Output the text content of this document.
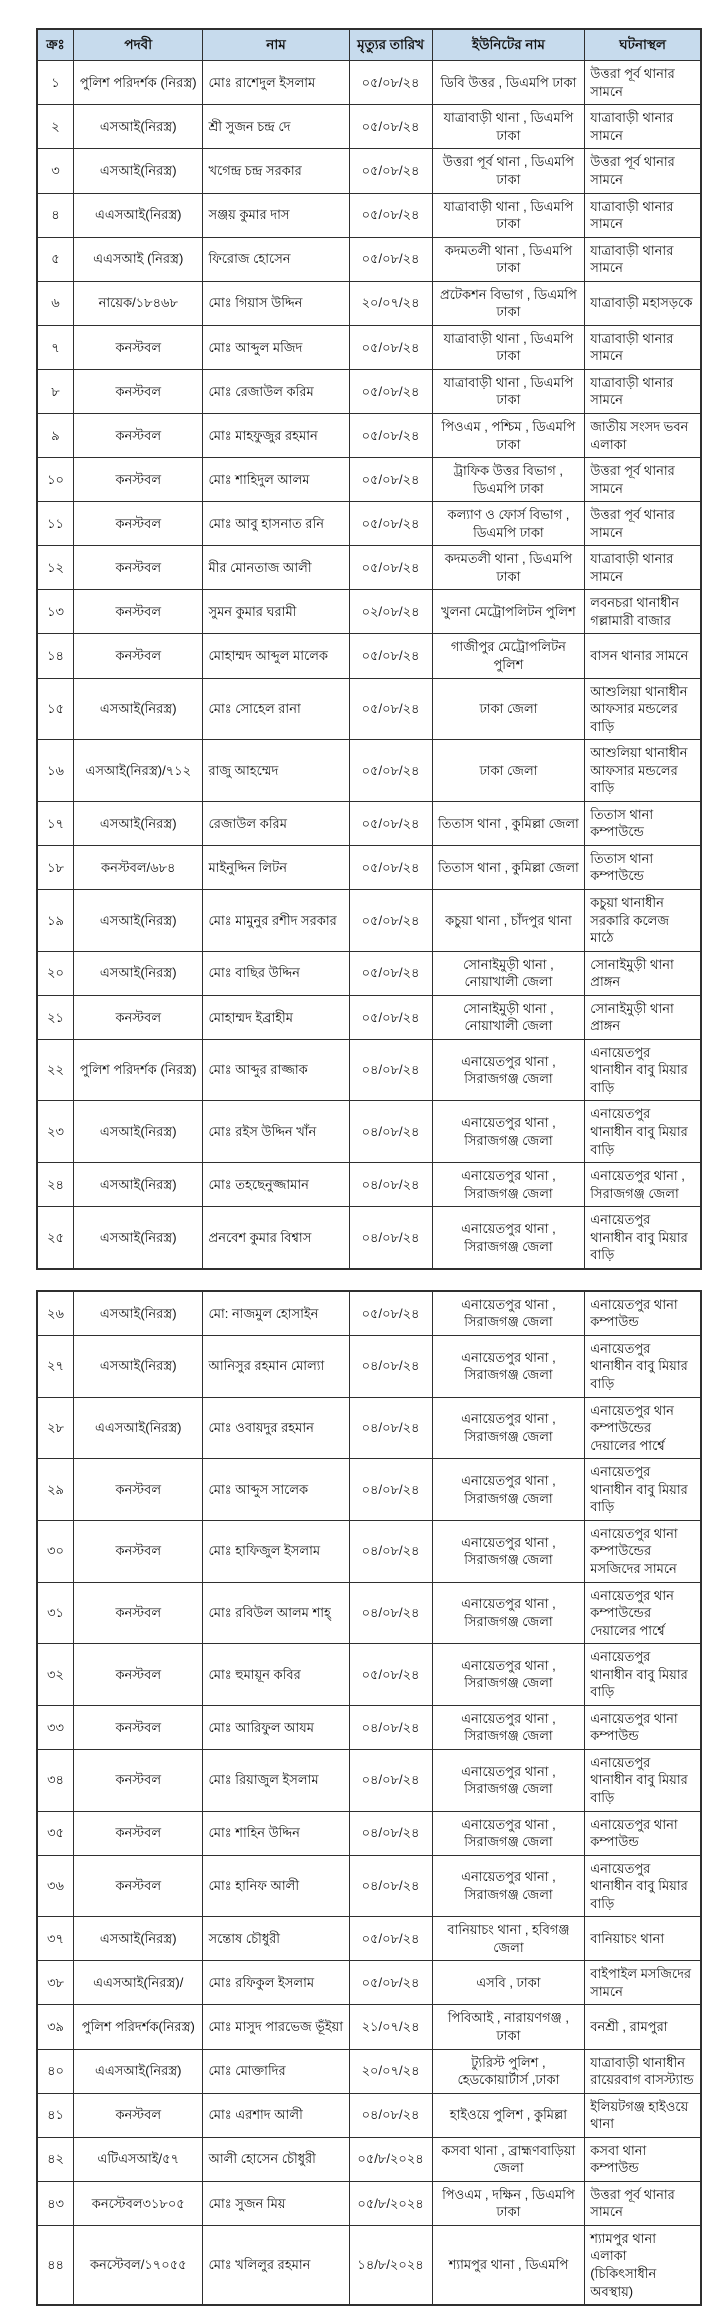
ক্রঃ	পদবী	নাম	মৃত্যুর তারিখ	ইউনিটের নাম	ঘটনাস্থল
১	পুলিশ পরিদর্শক (নিরস্ত্র)	মোঃ রাশেদুল ইসলাম	০৫/০৮/২৪	ডিবি উত্তর , ডিএমপি ঢাকা	উত্তরা পূর্ব থানার সামনে
২	এসআই(নিরস্ত্র)	শ্রী সুজন চন্দ্র দে	০৫/০৮/২৪	যাত্রাবাড়ী থানা , ডিএমপি ঢাকা	যাত্রাবাড়ী থানার সামনে
৩	এসআই(নিরস্ত্র)	খগেন্দ্র চন্দ্র সরকার	০৫/০৮/২৪	উত্তরা পূর্ব থানা , ডিএমপি ঢাকা	উত্তরা পূর্ব থানার সামনে
৪	এএসআই(নিরস্ত্র)	সঞ্জয় কুমার দাস	০৫/০৮/২৪	যাত্রাবাড়ী থানা , ডিএমপি ঢাকা	যাত্রাবাড়ী থানার সামনে
৫	এএসআই (নিরস্ত্র)	ফিরোজ হোসেন	০৫/০৮/২৪	কদমতলী থানা , ডিএমপি ঢাকা	যাত্রাবাড়ী থানার সামনে
৬	নায়েক/১৮৪৬৮	মোঃ গিয়াস উদ্দিন	২০/০৭/২৪	প্রটেকশন বিভাগ , ডিএমপি ঢাকা	যাত্রাবাড়ী মহাসড়কে
৭	কনস্টবল	মোঃ আব্দুল মজিদ	০৫/০৮/২৪	যাত্রাবাড়ী থানা , ডিএমপি ঢাকা	যাত্রাবাড়ী থানার সামনে
৮	কনস্টবল	মোঃ রেজাউল করিম	০৫/০৮/২৪	যাত্রাবাড়ী থানা , ডিএমপি ঢাকা	যাত্রাবাড়ী থানার সামনে
৯	কনস্টবল	মোঃ মাহফুজুর রহমান	০৫/০৮/২৪	পিওএম , পশ্চিম , ডিএমপি ঢাকা	জাতীয় সংসদ ভবন এলাকা
১০	কনস্টবল	মোঃ শাহিদুল আলম	০৫/০৮/২৪	ট্রাফিক উত্তর বিভাগ , ডিএমপি ঢাকা	উত্তরা পূর্ব থানার সামনে
১১	কনস্টবল	মোঃ আবু হাসনাত রনি	০৫/০৮/২৪	কল্যাণ ও ফোর্স বিভাগ , ডিএমপি ঢাকা	উত্তরা পূর্ব থানার সামনে
১২	কনস্টবল	মীর মোনতাজ আলী	০৫/০৮/২৪	কদমতলী থানা , ডিএমপি ঢাকা	যাত্রাবাড়ী থানার সামনে
১৩	কনস্টবল	সুমন কুমার ঘরামী	০২/০৮/২৪	খুলনা মেট্রোপলিটন পুলিশ	লবনচরা থানাধীন গল্লামারী বাজার
১৪	কনস্টবল	মোহাম্মদ আব্দুল মালেক	০৫/০৮/২৪	গাজীপুর মেট্রোপলিটন পুলিশ	বাসন থানার সামনে
১৫	এসআই(নিরস্ত্র)	মোঃ সোহেল রানা	০৫/০৮/২৪	ঢাকা জেলা	আশুলিয়া থানাধীন আফসার মন্ডলের বাড়ি
১৬	এসআই(নিরস্ত্র)/৭১২	রাজু আহম্মেদ	০৫/০৮/২৪	ঢাকা জেলা	আশুলিয়া থানাধীন আফসার মন্ডলের বাড়ি
১৭	এসআই(নিরস্ত্র)	রেজাউল করিম	০৫/০৮/২৪	তিতাস থানা , কুমিল্লা জেলা	তিতাস থানা কম্পাউন্ডে
১৮	কনস্টবল/৬৮৪	মাইনুদ্দিন লিটন	০৫/০৮/২৪	তিতাস থানা , কুমিল্লা জেলা	তিতাস থানা কম্পাউন্ডে
১৯	এসআই(নিরস্ত্র)	মোঃ মামুনুর রশীদ সরকার	০৫/০৮/২৪	কচুয়া থানা , চাঁদপুর থানা	কচুয়া থানাধীন সরকারি কলেজ মাঠে
২০	এসআই(নিরস্ত্র)	মোঃ বাছির উদ্দিন	০৫/০৮/২৪	সোনাইমুড়ী থানা , নোয়াখালী জেলা	সোনাইমুড়ী থানা প্রাঙ্গন
২১	কনস্টবল	মোহাম্মদ ইব্রাহীম	০৫/০৮/২৪	সোনাইমুড়ী থানা , নোয়াখালী জেলা	সোনাইমুড়ী থানা প্রাঙ্গন
২২	পুলিশ পরিদর্শক (নিরস্ত্র)	মোঃ আব্দুর রাজ্জাক	০৪/০৮/২৪	এনায়েতপুর থানা , সিরাজগঞ্জ জেলা	এনায়েতপুর থানাধীন বাবু মিয়ার বাড়ি
২৩	এসআই(নিরস্ত্র)	মোঃ রইস উদ্দিন খাঁন	০৪/০৮/২৪	এনায়েতপুর থানা , সিরাজগঞ্জ জেলা	এনায়েতপুর থানাধীন বাবু মিয়ার বাড়ি
২৪	এসআই(নিরস্ত্র)	মোঃ তহছেনুজ্জামান	০৪/০৮/২৪	এনায়েতপুর থানা , সিরাজগঞ্জ জেলা	এনায়েতপুর থানা , সিরাজগঞ্জ জেলা
২৫	এসআই(নিরস্ত্র)	প্রনবেশ কুমার বিশ্বাস	০৪/০৮/২৪	এনায়েতপুর থানা , সিরাজগঞ্জ জেলা	এনায়েতপুর থানাধীন বাবু মিয়ার বাড়ি
২৬	এসআই(নিরস্ত্র)	মো: নাজমুল হোসাইন	০৫/০৮/২৪	এনায়েতপুর থানা , সিরাজগঞ্জ জেলা	এনায়েতপুর থানা কম্পাউন্ড
২৭	এসআই(নিরস্ত্র)	আনিসুর রহমান মোল্যা	০৪/০৮/২৪	এনায়েতপুর থানা , সিরাজগঞ্জ জেলা	এনায়েতপুর থানাধীন বাবু মিয়ার বাড়ি
২৮	এএসআই(নিরস্ত্র)	মোঃ ওবায়দুর রহমান	০৪/০৮/২৪	এনায়েতপুর থানা , সিরাজগঞ্জ জেলা	এনায়েতপুর থান কম্পাউন্ডের দেয়ালের পার্শ্বে
২৯	কনস্টবল	মোঃ আব্দুস সালেক	০৪/০৮/২৪	এনায়েতপুর থানা , সিরাজগঞ্জ জেলা	এনায়েতপুর থানাধীন বাবু মিয়ার বাড়ি
৩০	কনস্টবল	মোঃ হাফিজুল ইসলাম	০৪/০৮/২৪	এনায়েতপুর থানা , সিরাজগঞ্জ জেলা	এনায়েতপুর থানা কম্পাউন্ডের মসজিদের সামনে
৩১	কনস্টবল	মোঃ রবিউল আলম শাহ্	০৪/০৮/২৪	এনায়েতপুর থানা , সিরাজগঞ্জ জেলা	এনায়েতপুর থান কম্পাউন্ডের দেয়ালের পার্শ্বে
৩২	কনস্টবল	মোঃ হুমায়ূন কবির	০৫/০৮/২৪	এনায়েতপুর থানা , সিরাজগঞ্জ জেলা	এনায়েতপুর থানাধীন বাবু মিয়ার বাড়ি
৩৩	কনস্টবল	মোঃ আরিফুল আযম	০৪/০৮/২৪	এনায়েতপুর থানা , সিরাজগঞ্জ জেলা	এনায়েতপুর থানা কম্পাউন্ড
৩৪	কনস্টবল	মোঃ রিয়াজুল ইসলাম	০৪/০৮/২৪	এনায়েতপুর থানা , সিরাজগঞ্জ জেলা	এনায়েতপুর থানাধীন বাবু মিয়ার বাড়ি
৩৫	কনস্টবল	মোঃ শাহিন উদ্দিন	০৪/০৮/২৪	এনায়েতপুর থানা , সিরাজগঞ্জ জেলা	এনায়েতপুর থানা কম্পাউন্ড
৩৬	কনস্টবল	মোঃ হানিফ আলী	০৪/০৮/২৪	এনায়েতপুর থানা , সিরাজগঞ্জ জেলা	এনায়েতপুর থানাধীন বাবু মিয়ার বাড়ি
৩৭	এসআই(নিরস্ত্র)	সন্তোষ চৌধুরী	০৫/০৮/২৪	বানিয়াচং থানা , হবিগঞ্জ জেলা	বানিয়াচং থানা
৩৮	এএসআই(নিরস্ত্র)/	মোঃ রফিকুল ইসলাম	০৫/০৮/২৪	এসবি , ঢাকা	বাইপাইল মসজিদের সামনে
৩৯	পুলিশ পরিদর্শক(নিরস্ত্র)	মোঃ মাসুদ পারভেজ ভূঁইয়া	২১/০৭/২৪	পিবিআই , নারায়ণগঞ্জ , ঢাকা	বনশ্রী , রামপুরা
৪০	এএসআই(নিরস্ত্র)	মোঃ মোক্তাদির	২০/০৭/২৪	ট্যুরিস্ট পুলিশ , হেডকোয়ার্টার্স ,ঢাকা	যাত্রাবাড়ী থানাধীন রায়েরবাগ বাসস্ট্যান্ড
৪১	কনস্টবল	মোঃ এরশাদ আলী	০৪/০৮/২৪	হাইওয়ে পুলিশ , কুমিল্লা	ইলিয়টগঞ্জ হাইওয়ে থানা
৪২	এটিএসআই/৫৭	আলী হোসেন চৌধুরী	০৫/৮/২০২৪	কসবা থানা , ব্রাহ্মণবাড়িয়া জেলা	কসবা থানা কম্পাউন্ড
৪৩	কনস্টেবল৩১৮০৫	মোঃ সুজন মিয়	০৫/৮/২০২৪	পিওএম , দক্ষিন , ডিএমপি ঢাকা	উত্তরা পূর্ব থানার সামনে
৪৪	কনস্টেবল/১৭০৫৫	মোঃ খলিলুর রহমান	১৪/৮/২০২৪	শ্যামপুর থানা , ডিএমপি	শ্যামপুর থানা এলাকা (চিকিৎসাধীন অবস্থায়)
